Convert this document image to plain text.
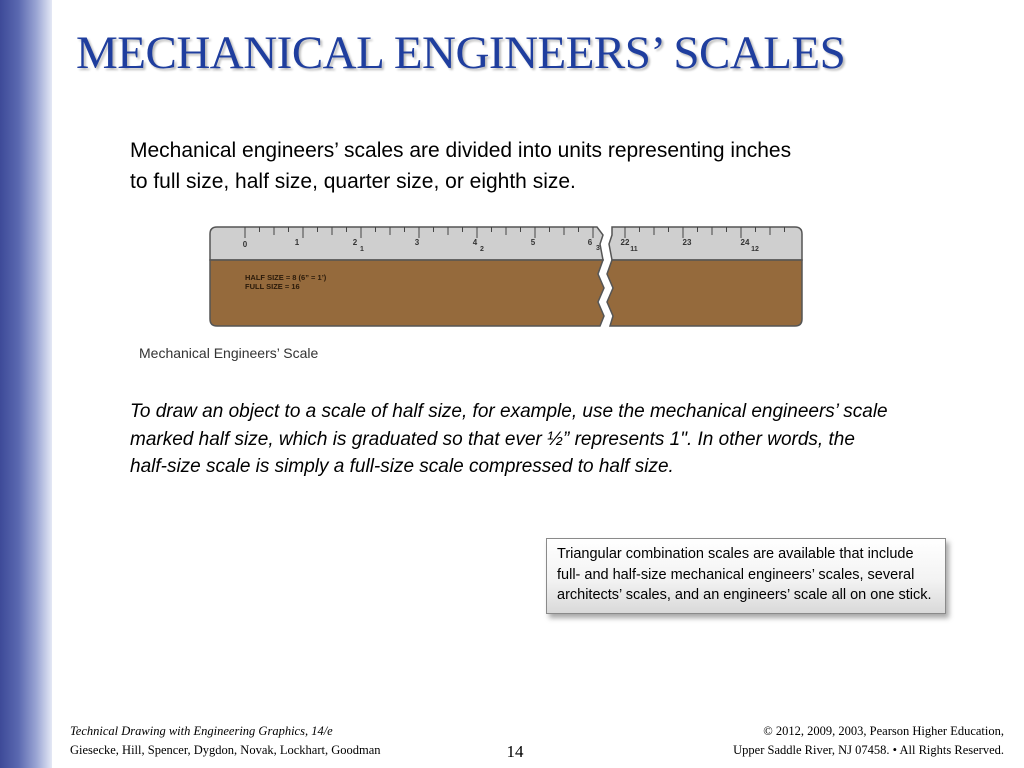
MECHANICAL ENGINEERS’ SCALES

Mechanical engineers’ scales are divided into units representing inches
to full size, half size, quarter size, or eighth size.

0	1	2
1
3	4
2
5	6
3
22
11
23	24
12
HALF SIZE = 8 (6” = 1’)
FULL SIZE = 16
Mechanical Engineers’ Scale

To draw an object to a scale of half size, for example, use the mechanical engineers’ scale marked half size, which is graduated so that ever ½” represents 1". In other words, the half-size scale is simply a full-size scale compressed to half size.

Triangular combination scales are available that include full- and half-size mechanical engineers’ scales, several architects’ scales, and an engineers’ scale all on one stick.
Technical Drawing with Engineering Graphics, 14/e
Giesecke, Hill, Spencer, Dygdon, Novak, Lockhart, Goodman	14
© 2012, 2009, 2003, Pearson Higher Education,
Upper Saddle River, NJ 07458. • All Rights Reserved.
